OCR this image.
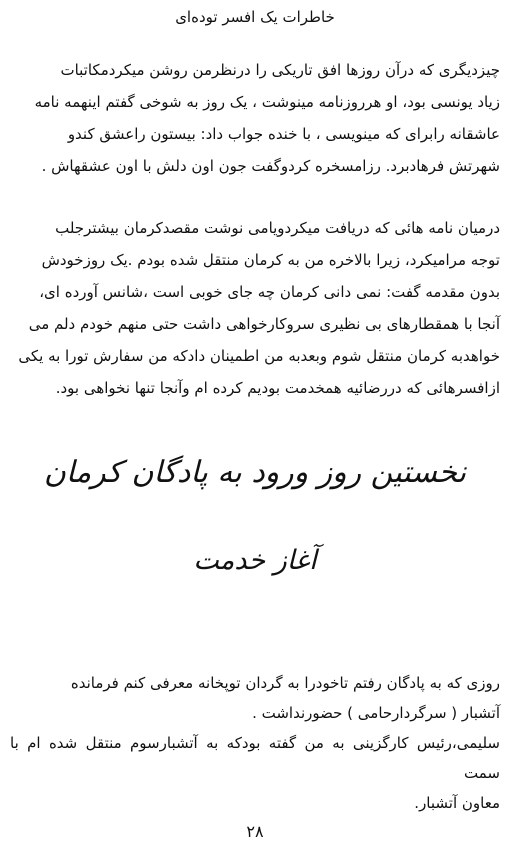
خاطرات یک افسر توده‌ای

چیزدیگری که درآن روزها افق تاریکی را درنظرمن روشن میکردمکاتبات

زیاد یونسی بود، او هرروزنامه مینوشت ، یک روز به شوخی گفتم اینهمه نامه

عاشقانه رابرای که مینویسی ، با خنده جواب داد: بیستون راعشق کندو

شهرتش فرهادبرد. رزامسخره کردوگفت جون اون دلش با اون عشقهاش .

درمیان نامه هائی که دریافت میکردویامی نوشت مقصدکرمان بیشترجلب

توجه مرامیکرد، زیرا بالاخره من به کرمان منتقل شده بودم .یک روزخودش

بدون مقدمه گفت: نمی دانی کرمان چه جای خوبی است ،شانس آورده ای،

آنجا با همقطارهای بی نظیری سروکارخواهی داشت حتی منهم خودم دلم می

خواهدبه کرمان منتقل شوم وبعدبه من اطمینان دادکه من سفارش تورا به یکی

ازافسرهائی که دررضائیه همخدمت بودیم کرده ام وآنجا تنها نخواهی بود.

نخستین روز ورود به پادگان کرمان
آغاز خدمت

روزی که به پادگان رفتم تاخودرا به گردان توپخانه معرفی کنم فرمانده

آتشبار ( سرگردارحامی ) حضورنداشت .

سلیمی،رئیس کارگزینی به من گفته بودکه به آتشبارسوم منتقل شده ام با سمت

معاون آتشبار.

۲۸
